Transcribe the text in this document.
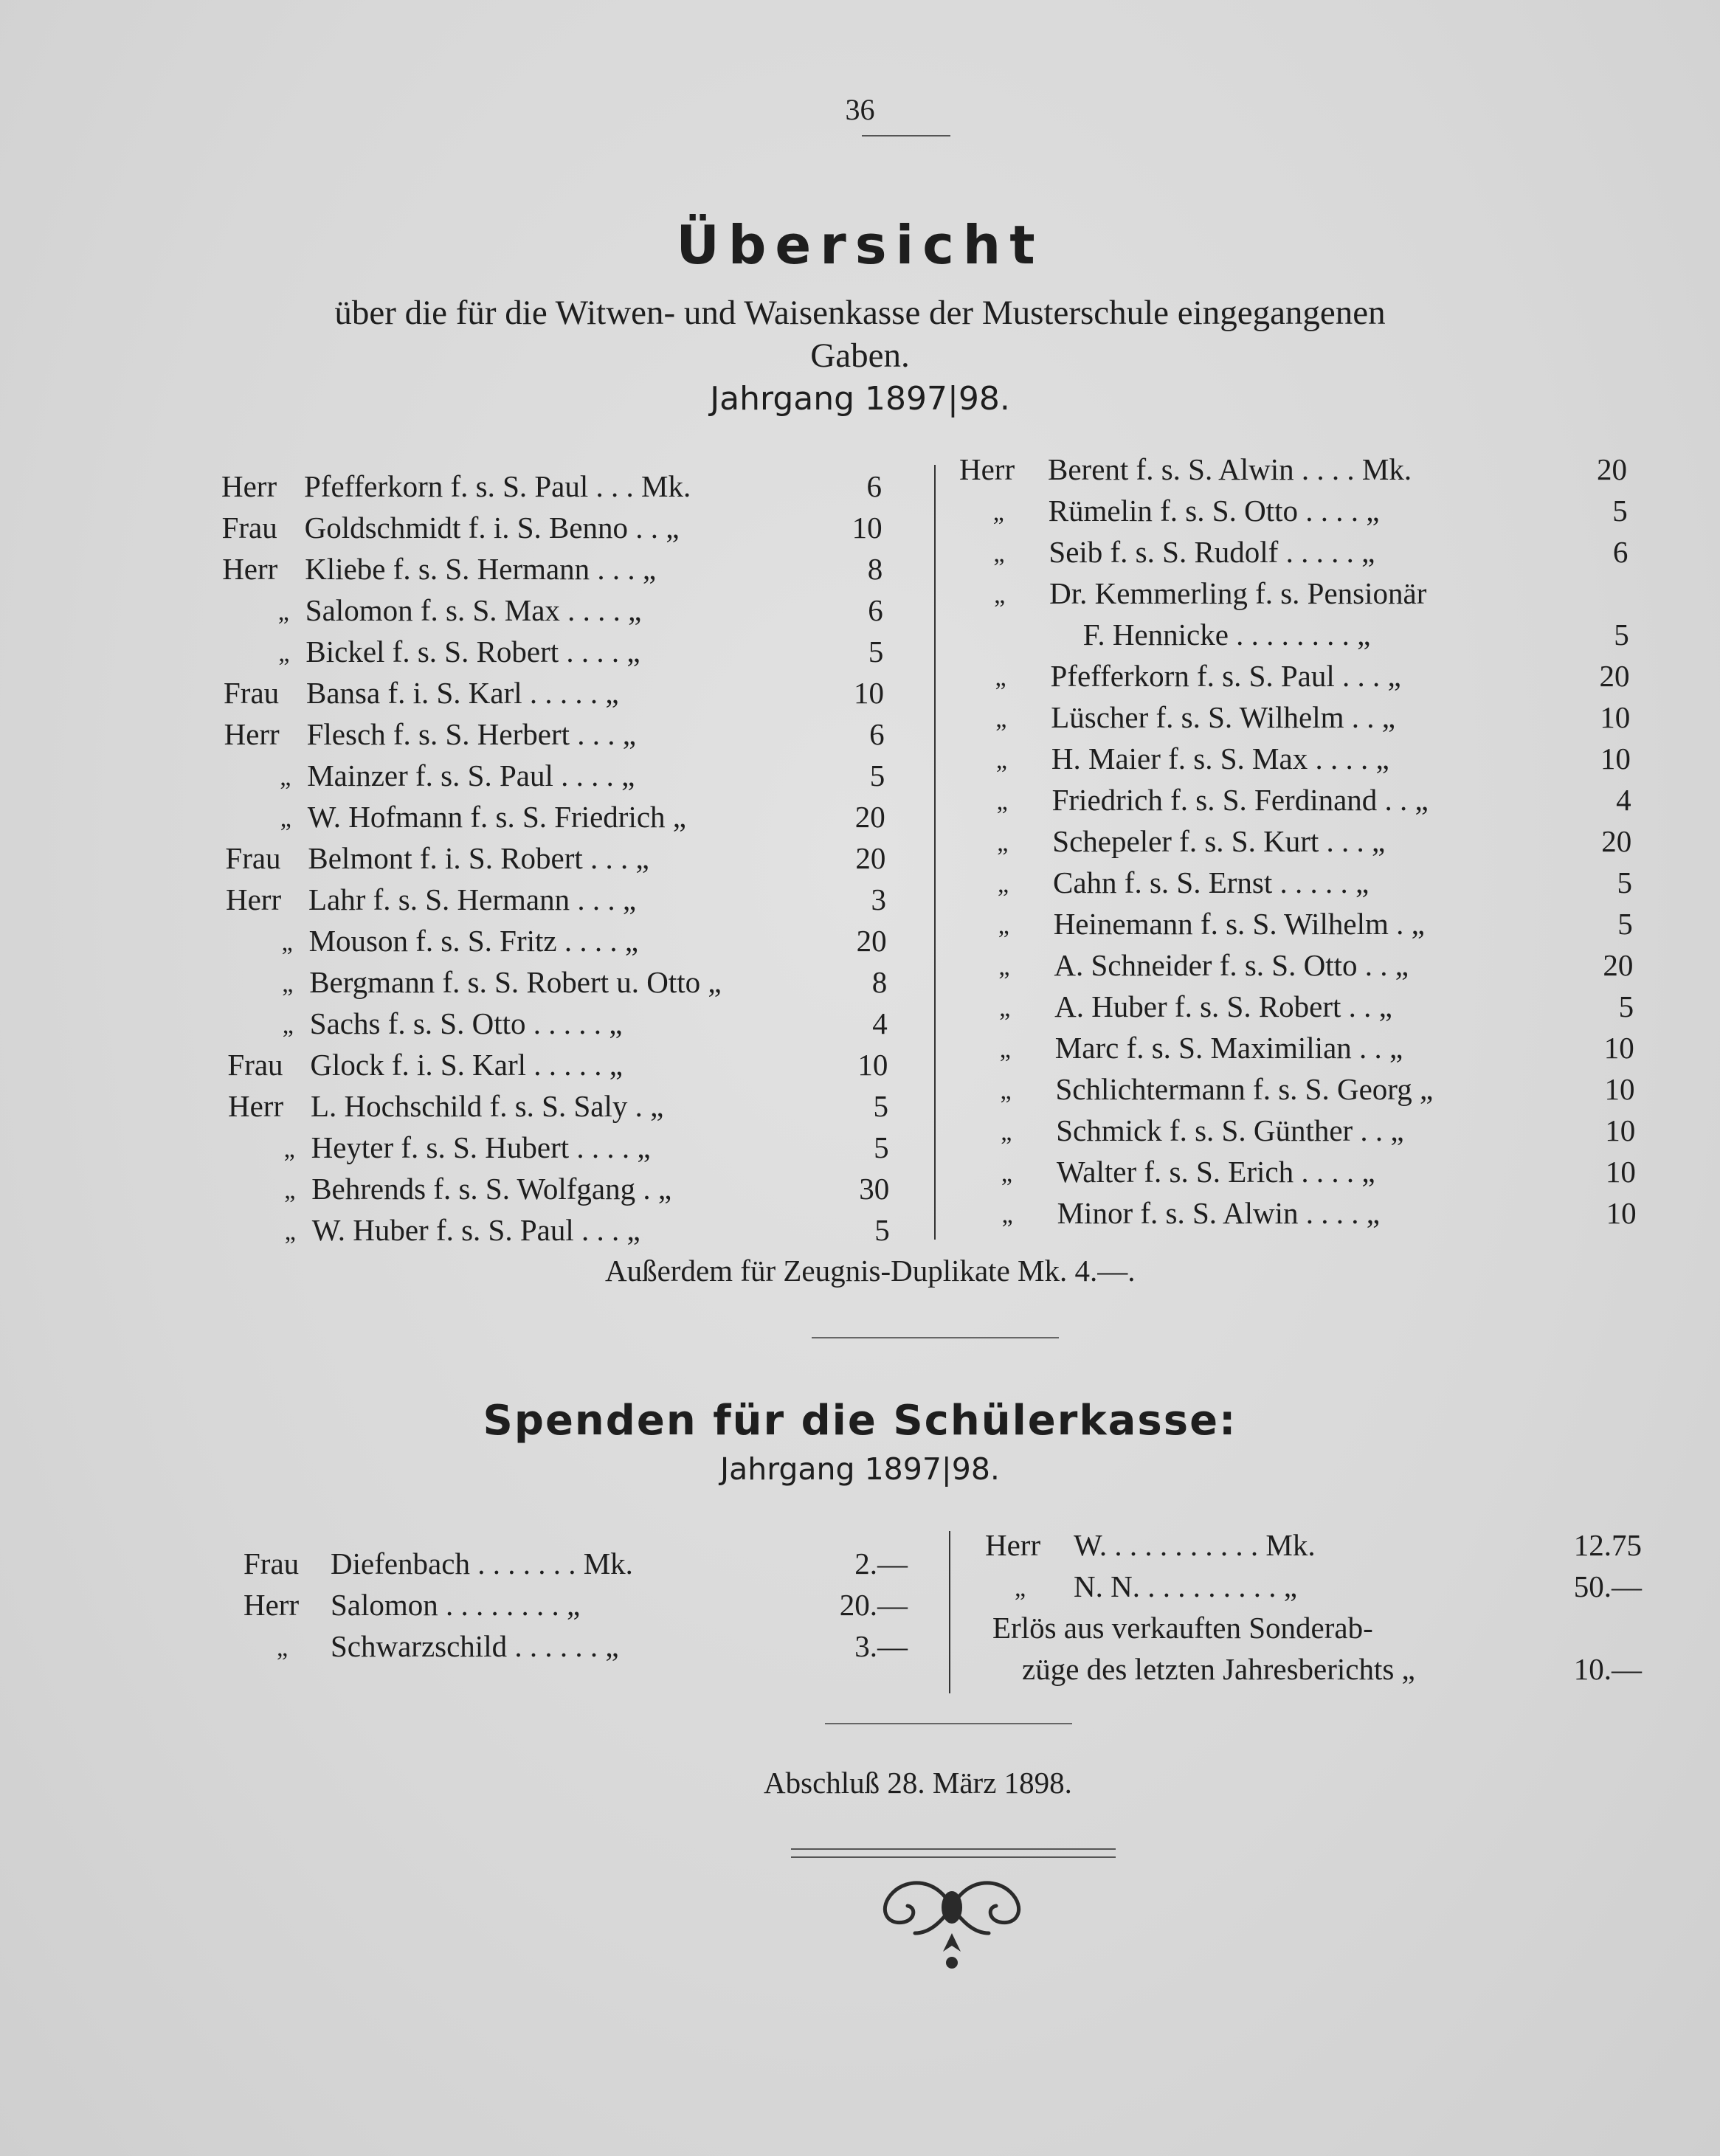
36
Übersicht
über die für die Witwen- und Waisenkasse der Musterschule eingegangenen
Gaben.
Jahrgang 1897|98.
Herr Pfefferkorn f. s. S. Paul . . . Mk.	6
Frau Goldschmidt f. i. S. Benno . . „	10
Herr Kliebe f. s. S. Hermann . . . „	8
„ Salomon f. s. S. Max . . . . „	6
„ Bickel f. s. S. Robert . . . . „	5
Frau Bansa f. i. S. Karl . . . . . „	10
Herr Flesch f. s. S. Herbert . . . „	6
„ Mainzer f. s. S. Paul . . . . „	5
„ W. Hofmann f. s. S. Friedrich „	20
Frau Belmont f. i. S. Robert . . . „	20
Herr Lahr f. s. S. Hermann . . . „	3
„ Mouson f. s. S. Fritz . . . . „	20
„ Bergmann f. s. S. Robert u. Otto „	8
„ Sachs f. s. S. Otto . . . . . „	4
Frau Glock f. i. S. Karl . . . . . „	10
Herr L. Hochschild f. s. S. Saly . „	5
„ Heyter f. s. S. Hubert . . . . „	5
„ Behrends f. s. S. Wolfgang . „	30
„ W. Huber f. s. S. Paul . . . „	5
Herr Berent f. s. S. Alwin . . . . Mk.	20
„ Rümelin f. s. S. Otto . . . . „	5
„ Seib f. s. S. Rudolf . . . . . „	6
„ Dr. Kemmerling f. s. Pensionär
F. Hennicke . . . . . . . . „	5
„ Pfefferkorn f. s. S. Paul . . . „	20
„ Lüscher f. s. S. Wilhelm . . „	10
„ H. Maier f. s. S. Max . . . . „	10
„ Friedrich f. s. S. Ferdinand . . „	4
„ Schepeler f. s. S. Kurt . . . „	20
„ Cahn f. s. S. Ernst . . . . . „	5
„ Heinemann f. s. S. Wilhelm . „	5
„ A. Schneider f. s. S. Otto . . „	20
„ A. Huber f. s. S. Robert . . „	5
„ Marc f. s. S. Maximilian . . „	10
„ Schlichtermann f. s. S. Georg „	10
„ Schmick f. s. S. Günther . . „	10
„ Walter f. s. S. Erich . . . . „	10
„ Minor f. s. S. Alwin . . . . „	10
Außerdem für Zeugnis-Duplikate Mk. 4.—.
Spenden für die Schülerkasse:
Jahrgang 1897|98.
Frau Diefenbach . . . . . . . Mk.	2.—
Herr Salomon . . . . . . . . „	20.—
„ Schwarzschild . . . . . . „	3.—
Herr W. . . . . . . . . . . Mk.	12.75
„ N. N. . . . . . . . . . „	50.—
Erlös aus verkauften Sonderab-
züge des letzten Jahresberichts „	10.—
Abschluß 28. März 1898.
